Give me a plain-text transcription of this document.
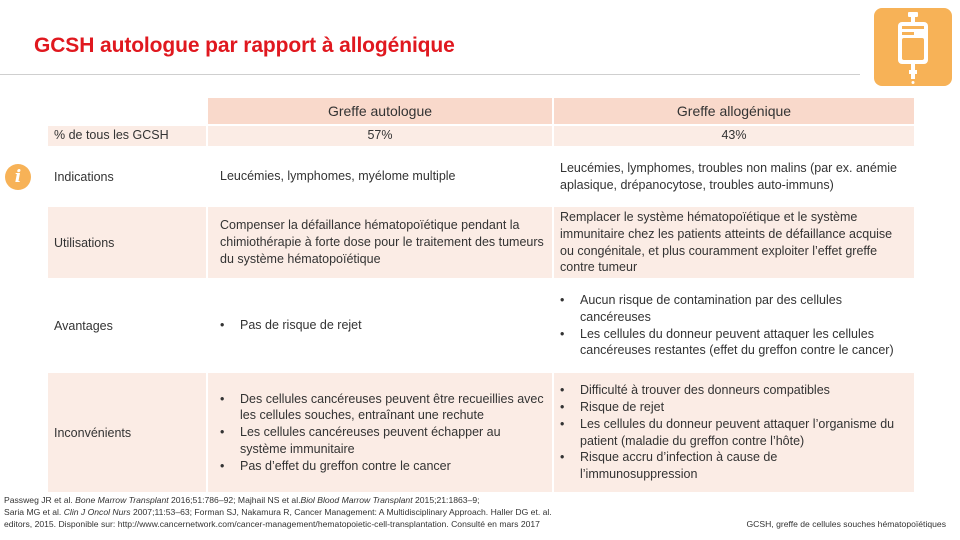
GCSH autologue par rapport à allogénique
i
Greffe autologue	Greffe allogénique
% de tous les GCSH	57%	43%
Indications	Leucémies, lymphomes, myélome multiple
Leucémies, lymphomes, troubles non malins (par ex. anémie aplasique, drépanocytose, troubles auto-immuns)
Utilisations
Compenser la défaillance hématopoïétique pendant la chimiothérapie à forte dose pour le traitement des tumeurs du système hématopoïétique
Remplacer le système hématopoïétique et le système immunitaire chez les patients atteints de défaillance acquise ou congénitale, et plus couramment exploiter l’effet greffe contre tumeur
Avantages
•	Pas de risque de rejet
• Aucun risque de contamination par des cellules cancéreuses
• Les cellules du donneur peuvent attaquer les cellules cancéreuses restantes (effet du greffon contre le cancer)
Inconvénients
• Des cellules cancéreuses peuvent être recueillies avec les cellules souches, entraînant une rechute
• Les cellules cancéreuses peuvent échapper au système immunitaire
• Pas d’effet du greffon contre le cancer
• Difficulté à trouver des donneurs compatibles
• Risque de rejet
• Les cellules du donneur peuvent attaquer l’organisme du patient (maladie du greffon contre l’hôte)
• Risque accru d’infection à cause de l’immunosuppression
Passweg JR et al. Bone Marrow Transplant 2016;51:786–92; Majhail NS et al.Biol Blood Marrow Transplant 2015;21:1863–9;
Saria MG et al. Clin J Oncol Nurs 2007;11:53–63; Forman SJ, Nakamura R, Cancer Management: A Multidisciplinary Approach. Haller DG et. al.
editors, 2015. Disponible sur: http://www.cancernetwork.com/cancer-management/hematopoietic-cell-transplantation. Consulté en mars 2017	GCSH, greffe de cellules souches hématopoïétiques
